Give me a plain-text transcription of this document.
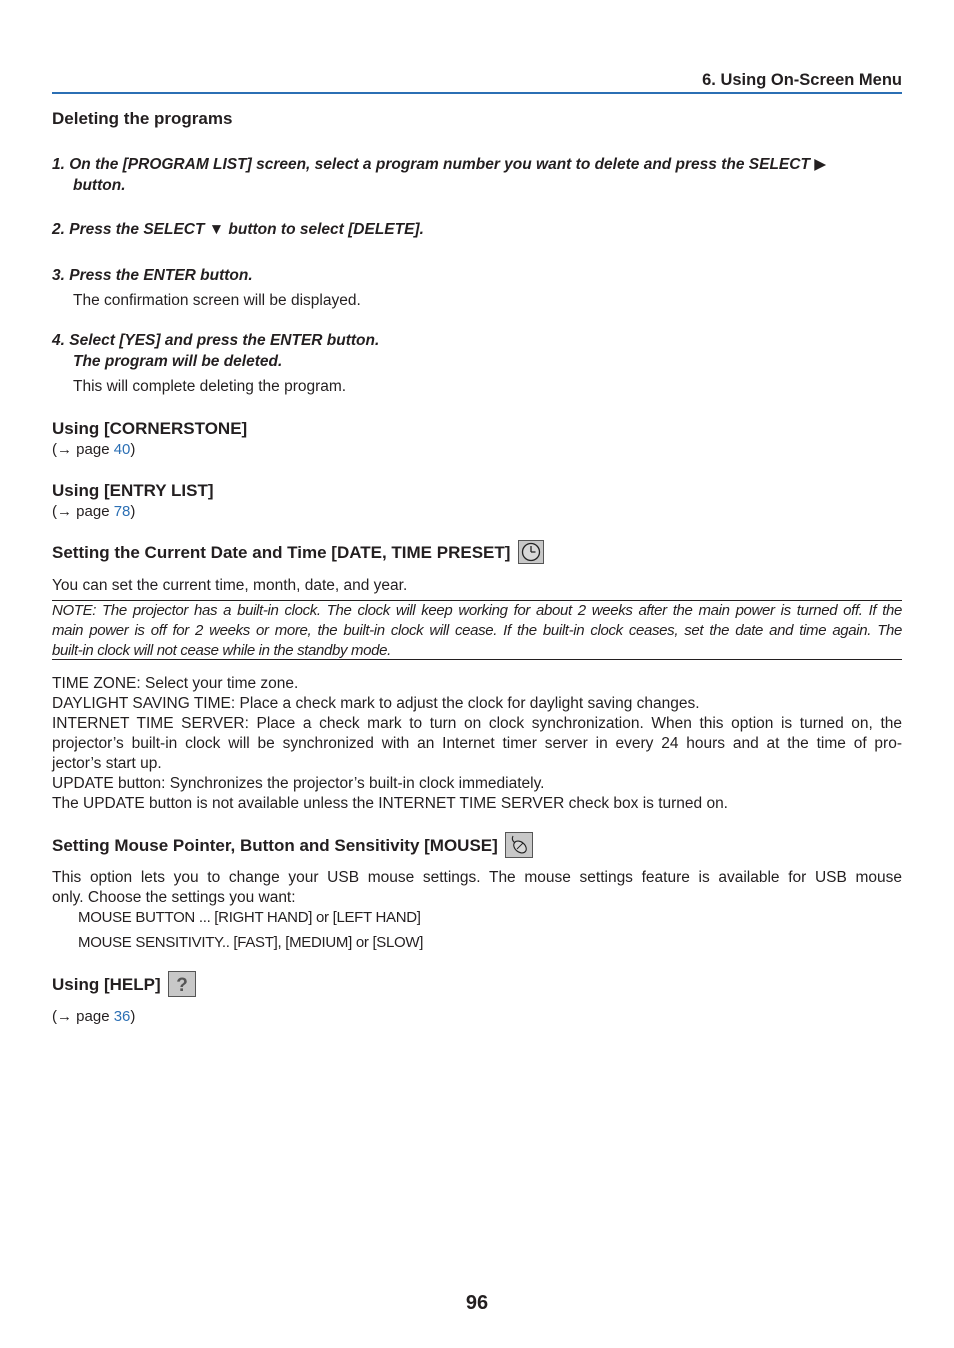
6. Using On-Screen Menu
Deleting the programs
1. On the [PROGRAM LIST] screen, select a program number you want to delete and press the SELECT ▶
button.
2. Press the SELECT ▼ button to select [DELETE].
3. Press the ENTER button.
The confirmation screen will be displayed.
4. Select [YES] and press the ENTER button.
The program will be deleted.
This will complete deleting the program.
Using [CORNERSTONE]
(→ page 40)
Using [ENTRY LIST]
(→ page 78)
Setting the Current Date and Time [DATE, TIME PRESET]
You can set the current time, month, date, and year.
NOTE: The projector has a built-in clock. The clock will keep working for about 2 weeks after the main power is turned off. If the
main power is off for 2 weeks or more, the built-in clock will cease. If the built-in clock ceases, set the date and time again. The
built-in clock will not cease while in the standby mode.
TIME ZONE: Select your time zone.
DAYLIGHT SAVING TIME: Place a check mark to adjust the clock for daylight saving changes.
INTERNET TIME SERVER: Place a check mark to turn on clock synchronization. When this option is turned on, the
projector’s built-in clock will be synchronized with an Internet timer server in every 24 hours and at the time of pro-
jector’s start up.
UPDATE button: Synchronizes the projector’s built-in clock immediately.
The UPDATE button is not available unless the INTERNET TIME SERVER check box is turned on.
Setting Mouse Pointer, Button and Sensitivity [MOUSE]
This option lets you to change your USB mouse settings. The mouse settings feature is available for USB mouse
only. Choose the settings you want:
MOUSE BUTTON ... [RIGHT HAND] or [LEFT HAND]
MOUSE SENSITIVITY.. [FAST], [MEDIUM] or [SLOW]
Using [HELP] ?
(→ page 36)
96
